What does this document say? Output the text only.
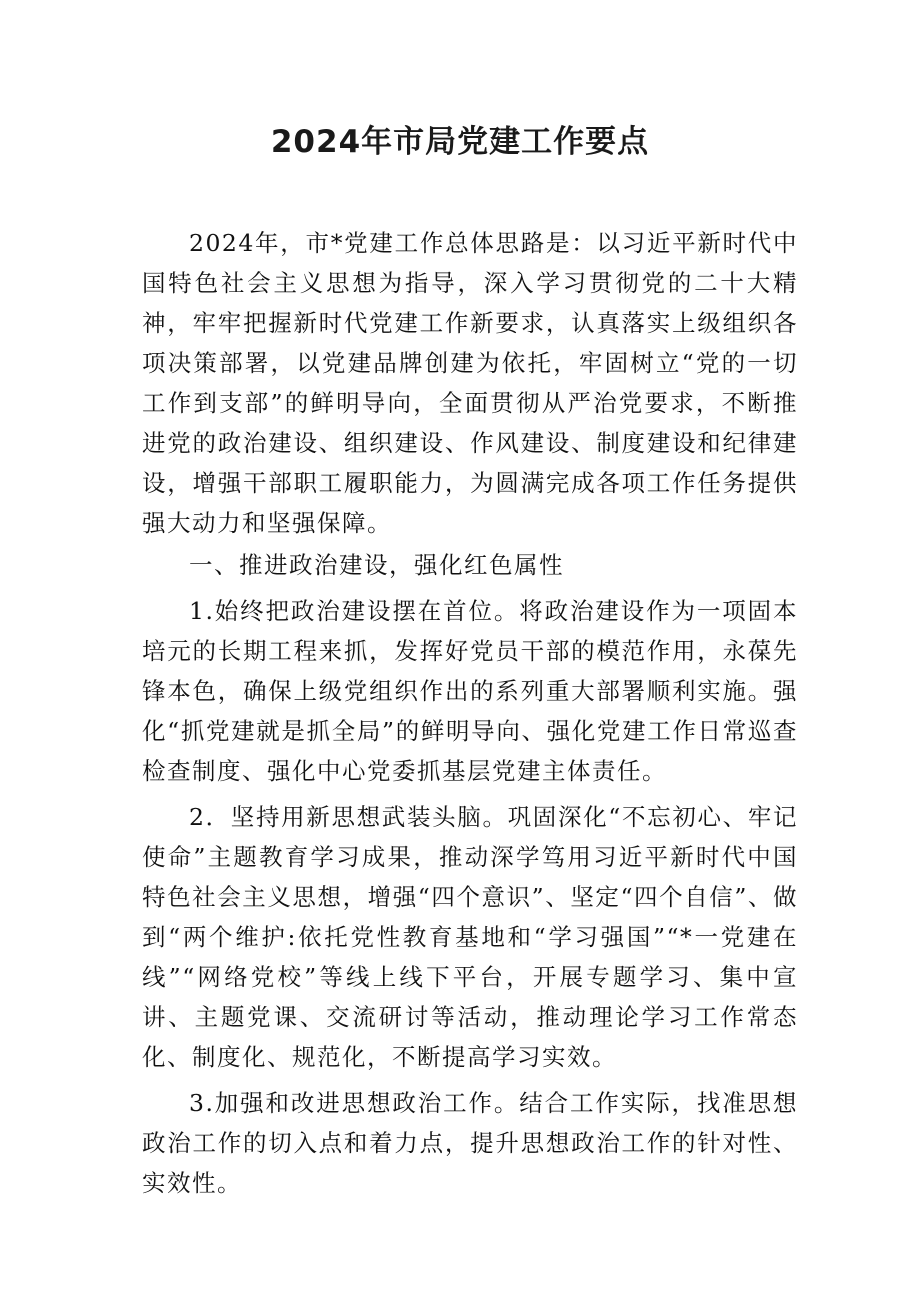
2024年市局党建工作要点

2024年，市*党建工作总体思路是：以习近平新时代中国特色社会主义思想为指导，深入学习贯彻党的二十大精神，牢牢把握新时代党建工作新要求，认真落实上级组织各项决策部署，以党建品牌创建为依托，牢固树立“党的一切工作到支部”的鲜明导向，全面贯彻从严治党要求，不断推进党的政治建设、组织建设、作风建设、制度建设和纪律建设，增强干部职工履职能力，为圆满完成各项工作任务提供强大动力和坚强保障。

一、推进政治建设，强化红色属性

1.始终把政治建设摆在首位。将政治建设作为一项固本培元的长期工程来抓，发挥好党员干部的模范作用，永葆先锋本色，确保上级党组织作出的系列重大部署顺利实施。强化“抓党建就是抓全局”的鲜明导向、强化党建工作日常巡查检查制度、强化中心党委抓基层党建主体责任。

2．坚持用新思想武装头脑。巩固深化“不忘初心、牢记使命”主题教育学习成果，推动深学笃用习近平新时代中国特色社会主义思想，增强“四个意识”、坚定“四个自信”、做到“两个维护:依托党性教育基地和“学习强国”“*一党建在线”“网络党校”等线上线下平台，开展专题学习、集中宣讲、主题党课、交流研讨等活动，推动理论学习工作常态化、制度化、规范化，不断提高学习实效。

3.加强和改进思想政治工作。结合工作实际，找准思想政治工作的切入点和着力点，提升思想政治工作的针对性、实效性。
